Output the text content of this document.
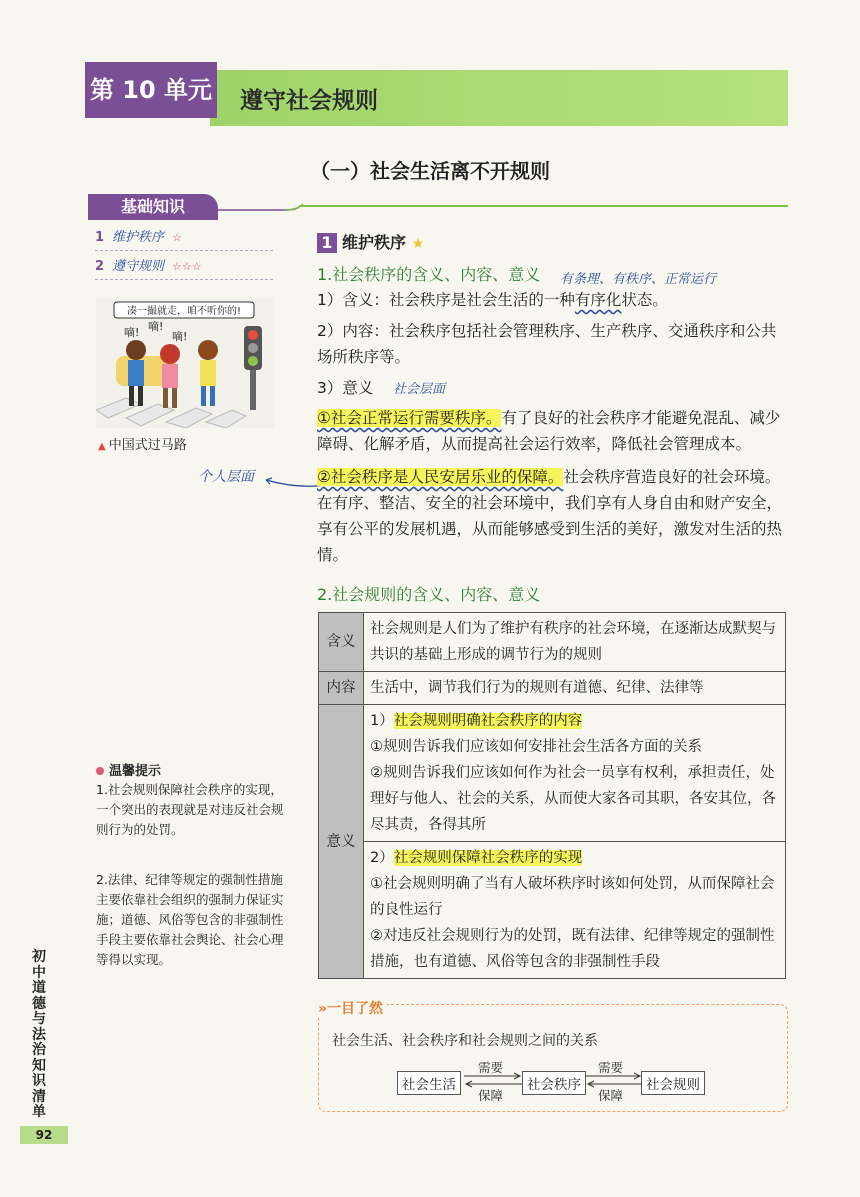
第 10 单元 遵守社会规则
（一）社会生活离不开规则
基础知识
1 维护秩序 ☆
2 遵守规则 ☆☆☆
凑一撮就走，咱不听你的!
嘀! 嘀!
嘀!
▲ 中国式过马路
个人层面
温馨提示
1.社会规则保障社会秩序的实现，一个突出的表现就是对违反社会规则行为的处罚。
2.法律、纪律等规定的强制性措施主要依靠社会组织的强制力保证实施；道德、风俗等包含的非强制性手段主要依靠社会舆论、社会心理等得以实现。
初中道德与法治知识清单
92
1 维护秩序 ★
1.社会秩序的含义、内容、意义 有条理、有秩序、正常运行
1）含义：社会秩序是社会生活的一种有序化状态。
2）内容：社会秩序包括社会管理秩序、生产秩序、交通秩序和公共场所秩序等。
3）意义 社会层面
①社会正常运行需要秩序。有了良好的社会秩序才能避免混乱、减少障碍、化解矛盾，从而提高社会运行效率，降低社会管理成本。
②社会秩序是人民安居乐业的保障。社会秩序营造良好的社会环境。在有序、整洁、安全的社会环境中，我们享有人身自由和财产安全，享有公平的发展机遇，从而能够感受到生活的美好，激发对生活的热情。
2.社会规则的含义、内容、意义
含义	社会规则是人们为了维护有秩序的社会环境，在逐渐达成默契与共识的基础上形成的调节行为的规则
内容	生活中，调节我们行为的规则有道德、纪律、法律等
意义	1）社会规则明确社会秩序的内容
①规则告诉我们应该如何安排社会生活各方面的关系
②规则告诉我们应该如何作为社会一员享有权利，承担责任，处理好与他人、社会的关系，从而使大家各司其职，各安其位，各尽其责，各得其所

	2）社会规则保障社会秩序的实现
①社会规则明确了当有人破坏秩序时该如何处罚，从而保障社会的良性运行
②对违反社会规则行为的处罚，既有法律、纪律等规定的强制性措施，也有道德、风俗等包含的非强制性手段
»一目了然
社会生活、社会秩序和社会规则之间的关系
社会生活	社会秩序	社会规则
需要
保障
需要
保障
